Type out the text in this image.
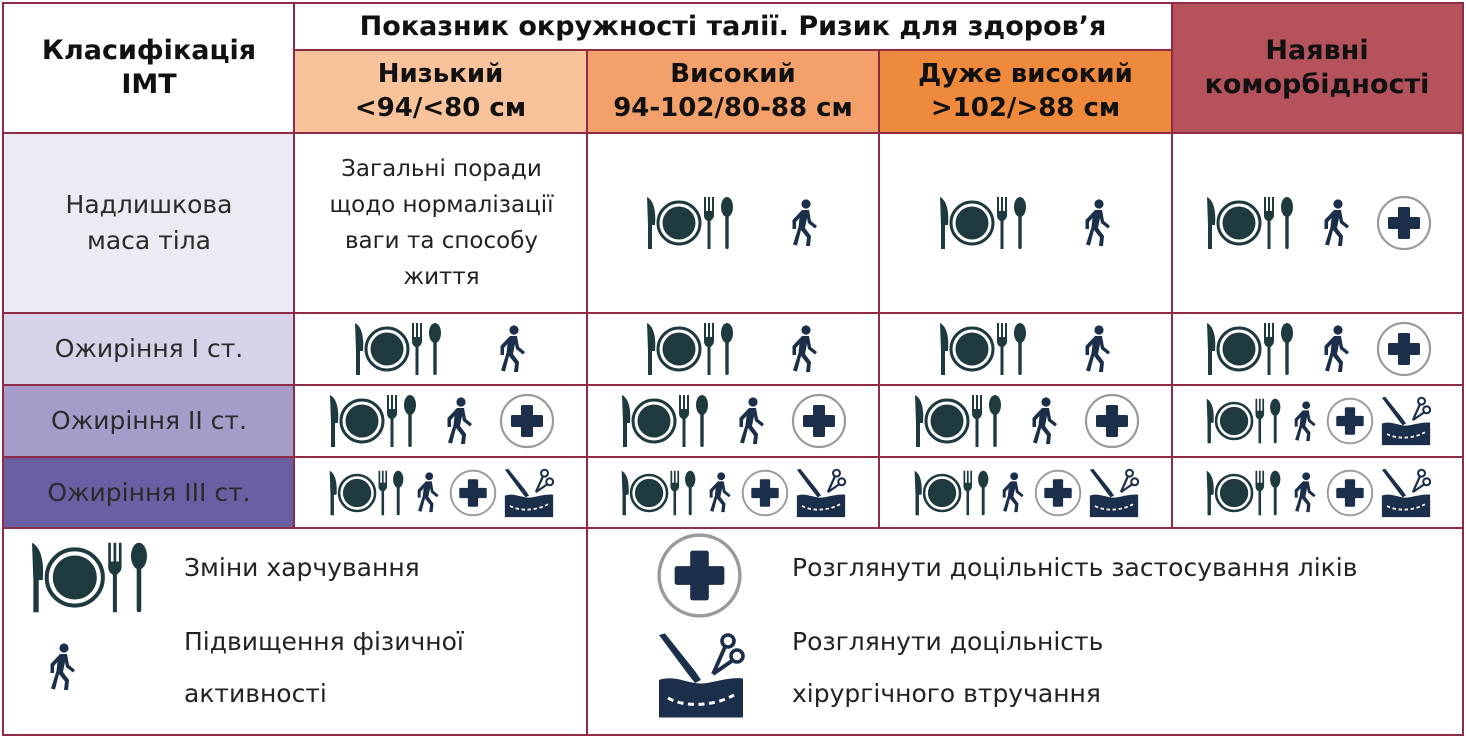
Класифікація ІМТ
Показник окружності талії. Ризик для здоров’я
Низький
<94/<80 см
Високий
94-102/80-88 см
Дуже високий
>102/>88 см
Наявні коморбідності
Надлишкова маса тіла
Ожиріння І ст.
Ожиріння ІІ ст.
Ожиріння ІІІ ст.
Загальні поради щодо нормалізації ваги та способу життя
Зміни харчування
Підвищення фізичної
активності
Розглянути доцільність застосування ліків
Розглянути доцільність
хірургічного втручання
